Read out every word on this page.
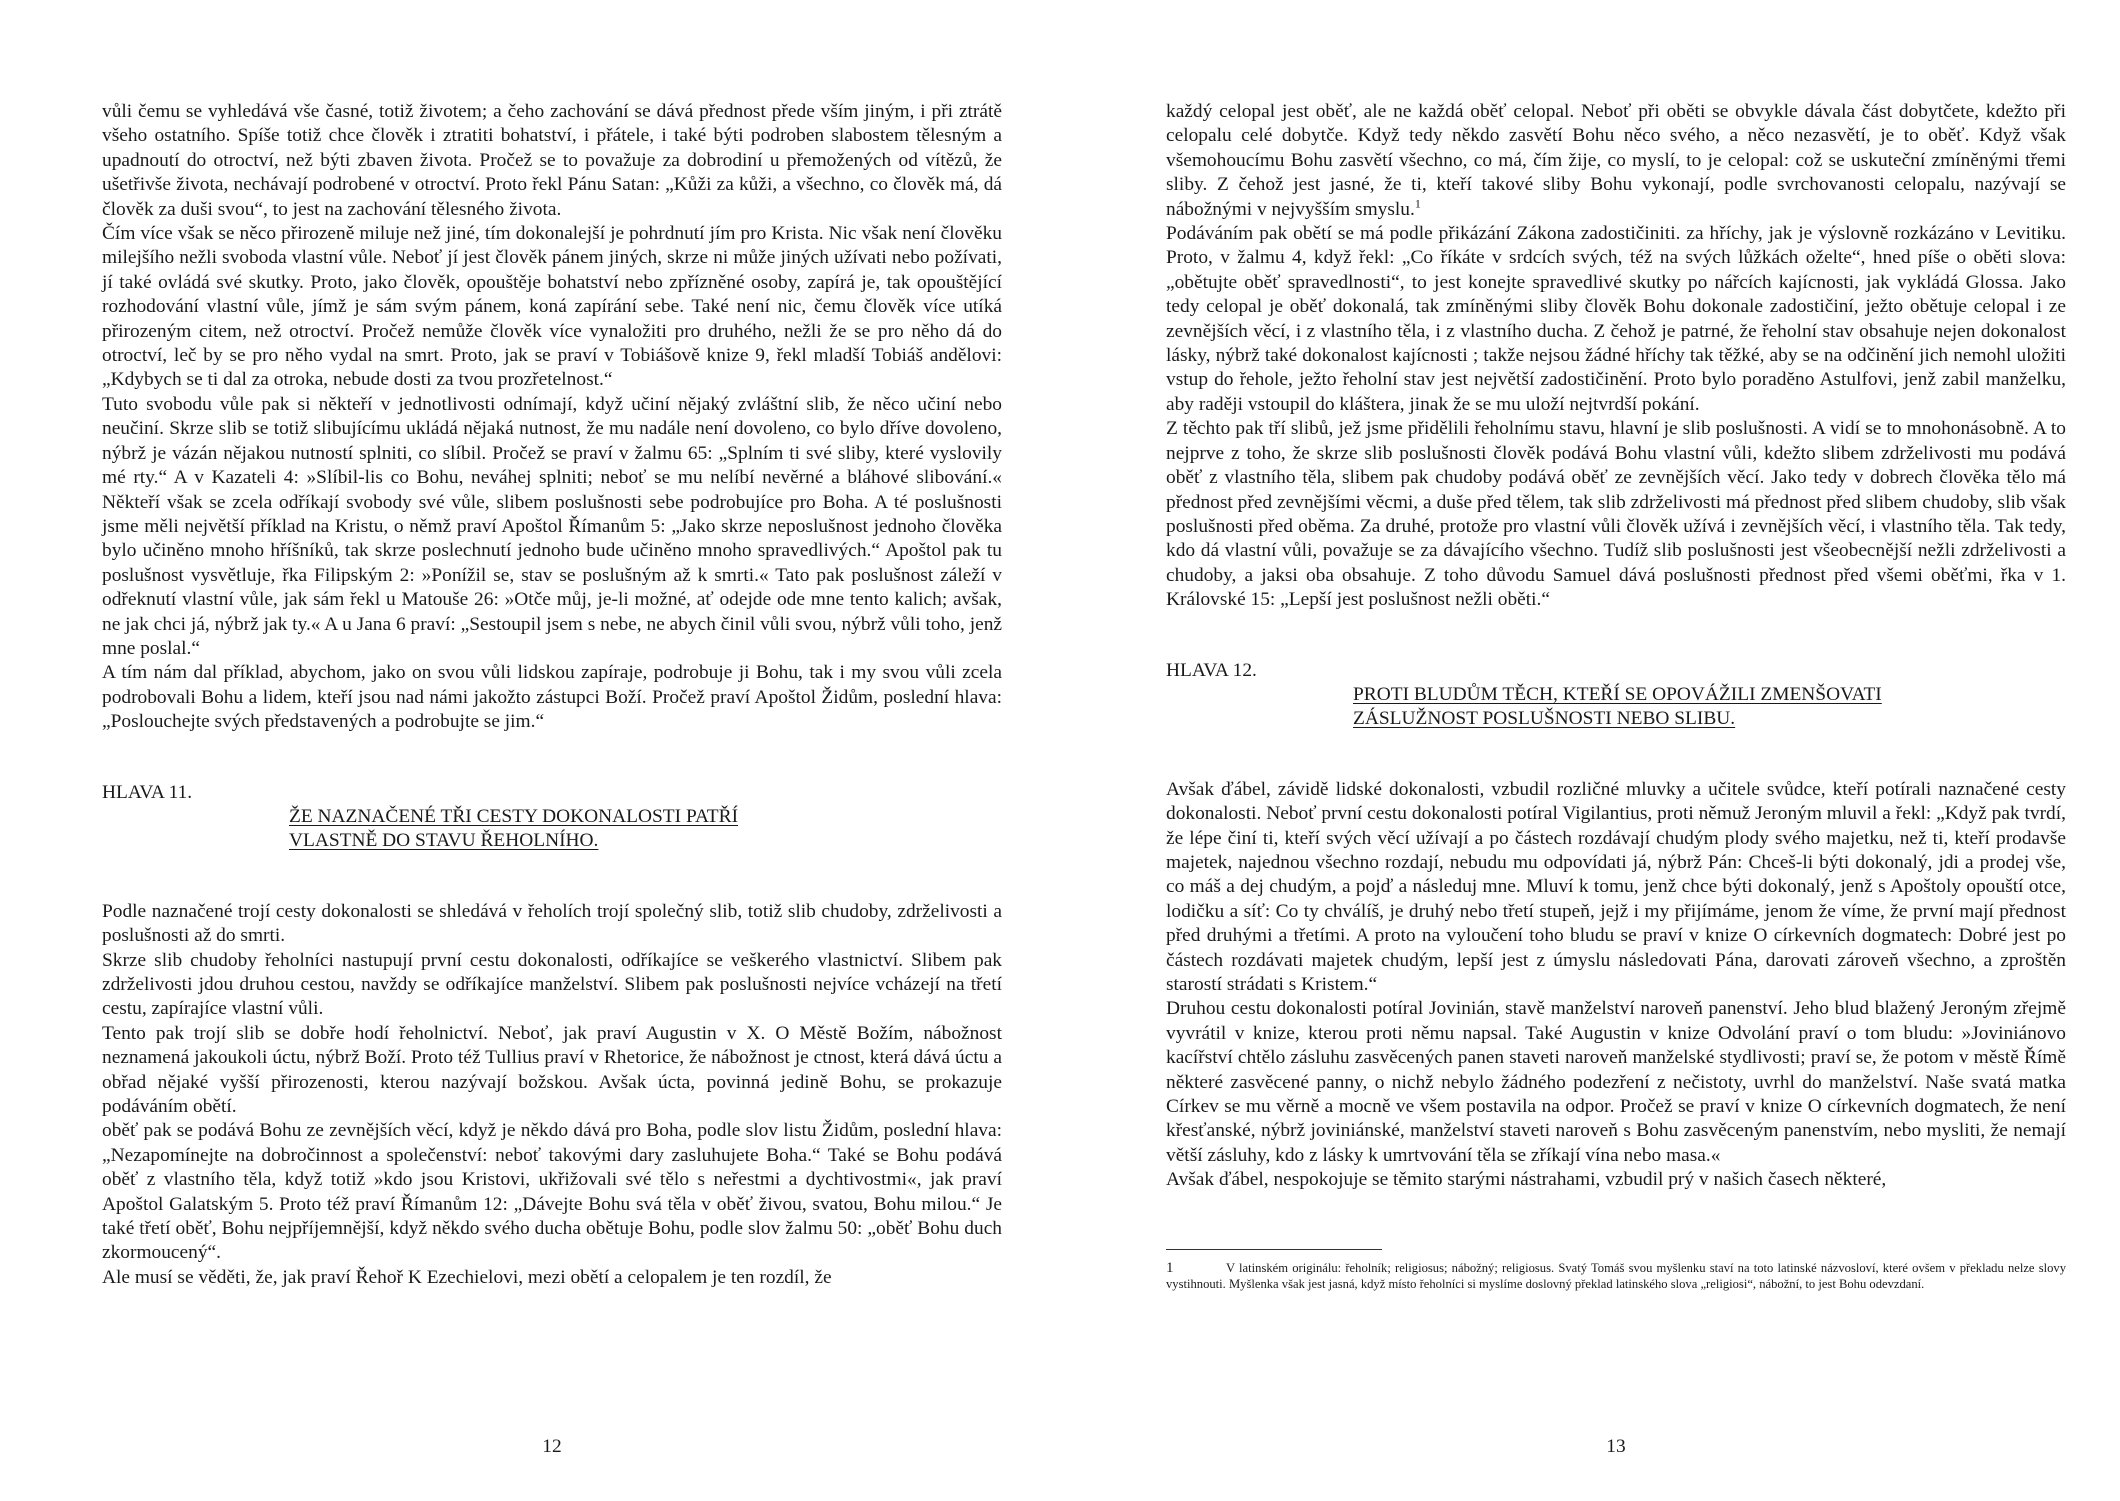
vůli čemu se vyhledává vše časné, totiž životem; a čeho zachování se dává přednost přede vším jiným, i při ztrátě všeho ostatního. Spíše totiž chce člověk i ztratiti bohatství, i přátele, i také býti podroben slabostem tělesným a upadnoutí do otroctví, než býti zbaven života. Pročež se to považuje za dobrodiní u přemožených od vítězů, že ušetřivše života, nechávají podrobené v otroctví. Proto řekl Pánu Satan: „Kůži za kůži, a všechno, co člověk má, dá člověk za duši svou“, to jest na zachování tělesného života.

Čím více však se něco přirozeně miluje než jiné, tím dokonalejší je pohrdnutí jím pro Krista. Nic však není člověku milejšího nežli svoboda vlastní vůle. Neboť jí jest člověk pánem jiných, skrze ni může jiných užívati nebo požívati, jí také ovládá své skutky. Proto, jako člověk, opouštěje bohatství nebo zpřízněné osoby, zapírá je, tak opouštějící rozhodování vlastní vůle, jímž je sám svým pánem, koná zapírání sebe. Také není nic, čemu člověk více utíká přirozeným citem, než otroctví. Pročež nemůže člověk více vynaložiti pro druhého, nežli že se pro něho dá do otroctví, leč by se pro něho vydal na smrt. Proto, jak se praví v Tobiášově knize 9, řekl mladší Tobiáš andělovi: „Kdybych se ti dal za otroka, nebude dosti za tvou prozřetelnost.“

Tuto svobodu vůle pak si někteří v jednotlivosti odnímají, když učiní nějaký zvláštní slib, že něco učiní nebo neučiní. Skrze slib se totiž slibujícímu ukládá nějaká nutnost, že mu nadále není dovoleno, co bylo dříve dovoleno, nýbrž je vázán nějakou nutností splniti, co slíbil. Pročež se praví v žalmu 65: „Splním ti své sliby, které vyslovily mé rty.“ A v Kazateli 4: »Slíbil-lis co Bohu, neváhej splniti; neboť se mu nelíbí nevěrné a bláhové slibování.« Někteří však se zcela odříkají svobody své vůle, slibem poslušnosti sebe podrobujíce pro Boha. A té poslušnosti jsme měli největší příklad na Kristu, o němž praví Apoštol Římanům 5: „Jako skrze neposlušnost jednoho člověka bylo učiněno mnoho hříšníků, tak skrze poslechnutí jednoho bude učiněno mnoho spravedlivých.“ Apoštol pak tu poslušnost vysvětluje, řka Filipským 2: »Ponížil se, stav se poslušným až k smrti.« Tato pak poslušnost záleží v odřeknutí vlastní vůle, jak sám řekl u Matouše 26: »Otče můj, je-li možné, ať odejde ode mne tento kalich; avšak, ne jak chci já, nýbrž jak ty.« A u Jana 6 praví: „Sestoupil jsem s nebe, ne abych činil vůli svou, nýbrž vůli toho, jenž mne poslal.“

A tím nám dal příklad, abychom, jako on svou vůli lidskou zapíraje, podrobuje ji Bohu, tak i my svou vůli zcela podrobovali Bohu a lidem, kteří jsou nad námi jakožto zástupci Boží. Pročež praví Apoštol Židům, poslední hlava: „Poslouchejte svých představených a podrobujte se jim.“

HLAVA 11.
ŽE NAZNAČENÉ TŘI CESTY DOKONALOSTI PATŘÍ
VLASTNĚ DO STAVU ŘEHOLNÍHO.

Podle naznačené trojí cesty dokonalosti se shledává v řeholích trojí společný slib, totiž slib chudoby, zdrželivosti a poslušnosti až do smrti.

Skrze slib chudoby řeholníci nastupují první cestu dokonalosti, odříkajíce se veškerého vlastnictví. Slibem pak zdrželivosti jdou druhou cestou, navždy se odříkajíce manželství. Slibem pak poslušnosti nejvíce vcházejí na třetí cestu, zapírajíce vlastní vůli.

Tento pak trojí slib se dobře hodí řeholnictví. Neboť, jak praví Augustin v X. O Městě Božím, nábožnost neznamená jakoukoli úctu, nýbrž Boží. Proto též Tullius praví v Rhetorice, že nábožnost je ctnost, která dává úctu a obřad nějaké vyšší přirozenosti, kterou nazývají božskou. Avšak úcta, povinná jedině Bohu, se prokazuje podáváním obětí.

oběť pak se podává Bohu ze zevnějších věcí, když je někdo dává pro Boha, podle slov listu Židům, poslední hlava: „Nezapomínejte na dobročinnost a společenství: neboť takovými dary zasluhujete Boha.“ Také se Bohu podává oběť z vlastního těla, když totiž »kdo jsou Kristovi, ukřižovali své tělo s neřestmi a dychtivostmi«, jak praví Apoštol Galatským 5. Proto též praví Římanům 12: „Dávejte Bohu svá těla v oběť živou, svatou, Bohu milou.“ Je také třetí oběť, Bohu nejpříjemnější, když někdo svého ducha obětuje Bohu, podle slov žalmu 50: „oběť Bohu duch zkormoucený“.

Ale musí se věděti, že, jak praví Řehoř K Ezechielovi, mezi obětí a celopalem je ten rozdíl, že

12

každý celopal jest oběť, ale ne každá oběť celopal. Neboť při oběti se obvykle dávala část dobytčete, kdežto při celopalu celé dobytče. Když tedy někdo zasvětí Bohu něco svého, a něco nezasvětí, je to oběť. Když však všemohoucímu Bohu zasvětí všechno, co má, čím žije, co myslí, to je celopal: což se uskuteční zmíněnými třemi sliby. Z čehož jest jasné, že ti, kteří takové sliby Bohu vykonají, podle svrchovanosti celopalu, nazývají se nábožnými v nejvyšším smyslu.$^1$

Podáváním pak obětí se má podle přikázání Zákona zadostičiniti. za hříchy, jak je výslovně rozkázáno v Levitiku. Proto, v žalmu 4, když řekl: „Co říkáte v srdcích svých, též na svých lůžkách oželte“, hned píše o oběti slova: „obětujte oběť spravedlnosti“, to jest konejte spravedlivé skutky po nářcích kajícnosti, jak vykládá Glossa. Jako tedy celopal je oběť dokonalá, tak zmíněnými sliby člověk Bohu dokonale zadostičiní, ježto obětuje celopal i ze zevnějších věcí, i z vlastního těla, i z vlastního ducha. Z čehož je patrné, že řeholní stav obsahuje nejen dokonalost lásky, nýbrž také dokonalost kajícnosti ; takže nejsou žádné hříchy tak těžké, aby se na odčinění jich nemohl uložiti vstup do řehole, ježto řeholní stav jest největší zadostičinění. Proto bylo poradĕno Astulfovi, jenž zabil manželku, aby raději vstoupil do kláštera, jinak že se mu uloží nejtvrdší pokání.

Z těchto pak tří slibů, jež jsme přidělili řeholnímu stavu, hlavní je slib poslušnosti. A vidí se to mnohonásobně. A to nejprve z toho, že skrze slib poslušnosti člověk podává Bohu vlastní vůli, kdežto slibem zdrželivosti mu podává oběť z vlastního těla, slibem pak chudoby podává oběť ze zevnějších věcí. Jako tedy v dobrech člověka tělo má přednost před zevnějšími věcmi, a duše před tělem, tak slib zdrželivosti má přednost před slibem chudoby, slib však poslušnosti před oběma. Za druhé, protože pro vlastní vůli člověk užívá i zevnějších věcí, i vlastního těla. Tak tedy, kdo dá vlastní vůli, považuje se za dávajícího všechno. Tudíž slib poslušnosti jest všeobecnější nežli zdrželivosti a chudoby, a jaksi oba obsahuje. Z toho důvodu Samuel dává poslušnosti přednost před všemi oběťmi, řka v 1. Královské 15: „Lepší jest poslušnost nežli oběti.“

HLAVA 12.
PROTI BLUDŮM TĚCH, KTEŘÍ SE OPOVÁŽILI ZMENŠOVATI
ZÁSLUŽNOST POSLUŠNOSTI NEBO SLIBU.

Avšak ďábel, závidě lidské dokonalosti, vzbudil rozličné mluvky a učitele svůdce, kteří potírali naznačené cesty dokonalosti. Neboť první cestu dokonalosti potíral Vigilantius, proti němuž Jeroným mluvil a řekl: „Když pak tvrdí, že lépe činí ti, kteří svých věcí užívají a po částech rozdávají chudým plody svého majetku, než ti, kteří prodavše majetek, najednou všechno rozdají, nebudu mu odpovídati já, nýbrž Pán: Chceš-li býti dokonalý, jdi a prodej vše, co máš a dej chudým, a pojď a následuj mne. Mluví k tomu, jenž chce býti dokonalý, jenž s Apoštoly opouští otce, lodičku a síť: Co ty chválíš, je druhý nebo třetí stupeň, jejž i my přijímáme, jenom že víme, že první mají přednost před druhými a třetími. A proto na vyloučení toho bludu se praví v knize O církevních dogmatech: Dobré jest po částech rozdávati majetek chudým, lepší jest z úmyslu následovati Pána, darovati zároveň všechno, a zproštěn starostí strádati s Kristem.“

Druhou cestu dokonalosti potíral Jovinián, stavě manželství naroveň panenství. Jeho blud blažený Jeroným zřejmě vyvrátil v knize, kterou proti němu napsal. Také Augustin v knize Odvolání praví o tom bludu: »Joviniánovo kacířství chtělo zásluhu zasvěcených panen staveti naroveň manželské stydlivosti; praví se, že potom v městě Římě některé zasvěcené panny, o nichž nebylo žádného podezření z nečistoty, uvrhl do manželství. Naše svatá matka Církev se mu věrně a mocně ve všem postavila na odpor. Pročež se praví v knize O církevních dogmatech, že není křesťanské, nýbrž joviniánské, manželství staveti naroveň s Bohu zasvěceným panenstvím, nebo mysliti, že nemají větší zásluhy, kdo z lásky k umrtvování těla se zříkají vína nebo masa.«

Avšak ďábel, nespokojuje se těmito starými nástrahami, vzbudil prý v našich časech některé,

1	V latinském originálu: řeholník; religiosus; nábožný; religiosus. Svatý Tomáš svou myšlenku staví na toto latinské názvosloví, které ovšem v překladu nelze slovy vystihnouti. Myšlenka však jest jasná, když místo řeholníci si myslíme doslovný překlad latinského slova „religiosi“, nábožní, to jest Bohu odevzdaní.
13
